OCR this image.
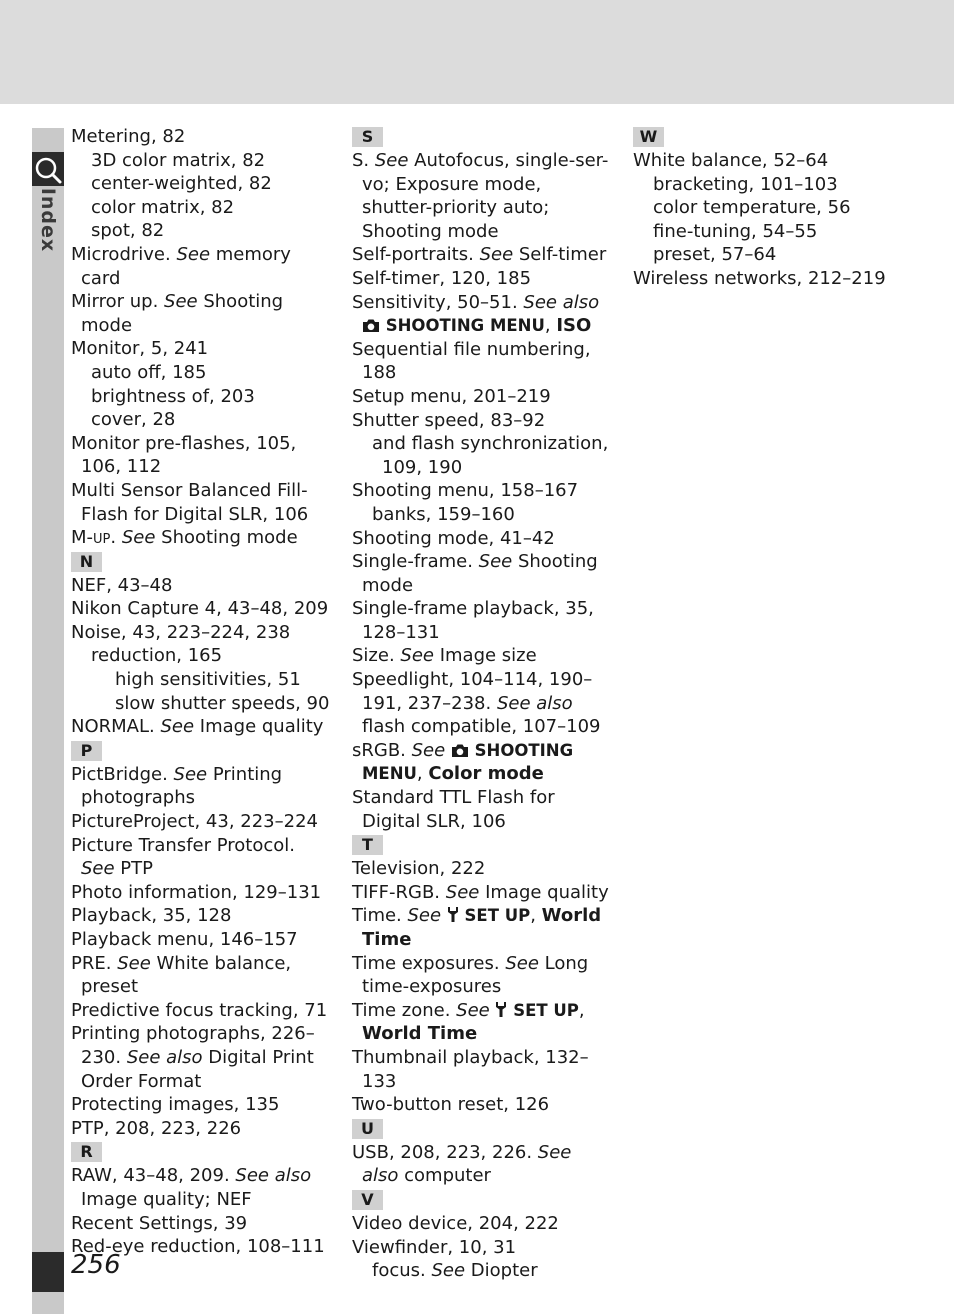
Index
Metering, 82
3D color matrix, 82
center-weighted, 82
color matrix, 82
spot, 82
Microdrive. See memory card
Mirror up. See Shooting mode
Monitor, 5, 241
auto off, 185
brightness of, 203
cover, 28
Monitor pre-flashes, 105, 106, 112
Multi Sensor Balanced Fill-Flash for Digital SLR, 106
M-up. See Shooting mode
N
NEF, 43–48
Nikon Capture 4, 43–48, 209
Noise, 43, 223–224, 238
reduction, 165
high sensitivities, 51
slow shutter speeds, 90
NORMAL. See Image quality
P
PictBridge. See Printing photographs
PictureProject, 43, 223–224
Picture Transfer Protocol. See PTP
Photo information, 129–131
Playback, 35, 128
Playback menu, 146–157
PRE. See White balance, preset
Predictive focus tracking, 71
Printing photographs, 226–230. See also Digital Print Order Format
Protecting images, 135
PTP, 208, 223, 226
R
RAW, 43–48, 209. See also Image quality; NEF
Recent Settings, 39
Red-eye reduction, 108–111
S
S. See Autofocus, single-ser-vo; Exposure mode, shutter-priority auto; Shooting mode
Self-portraits. See Self-timer
Self-timer, 120, 185
Sensitivity, 50–51. See also  SHOOTING MENU, ISO
Sequential file numbering, 188
Setup menu, 201–219
Shutter speed, 83–92
and flash synchronization, 109, 190
Shooting menu, 158–167
banks, 159–160
Shooting mode, 41–42
Single-frame. See Shooting mode
Single-frame playback, 35, 128–131
Size. See Image size
Speedlight, 104–114, 190–191, 237–238. See also flash compatible, 107–109
sRGB. See SHOOTING MENU, Color mode
Standard TTL Flash for Digital SLR, 106
T
Television, 222
TIFF-RGB. See Image quality
Time. See SET UP, World Time
Time exposures. See Long time-exposures
Time zone. See SET UP, World Time
Thumbnail playback, 132–133
Two-button reset, 126
U
USB, 208, 223, 226. See also computer
V
Video device, 204, 222
Viewfinder, 10, 31
focus. See Diopter
W
White balance, 52–64
bracketing, 101–103
color temperature, 56
fine-tuning, 54–55
preset, 57–64
Wireless networks, 212–219
256
